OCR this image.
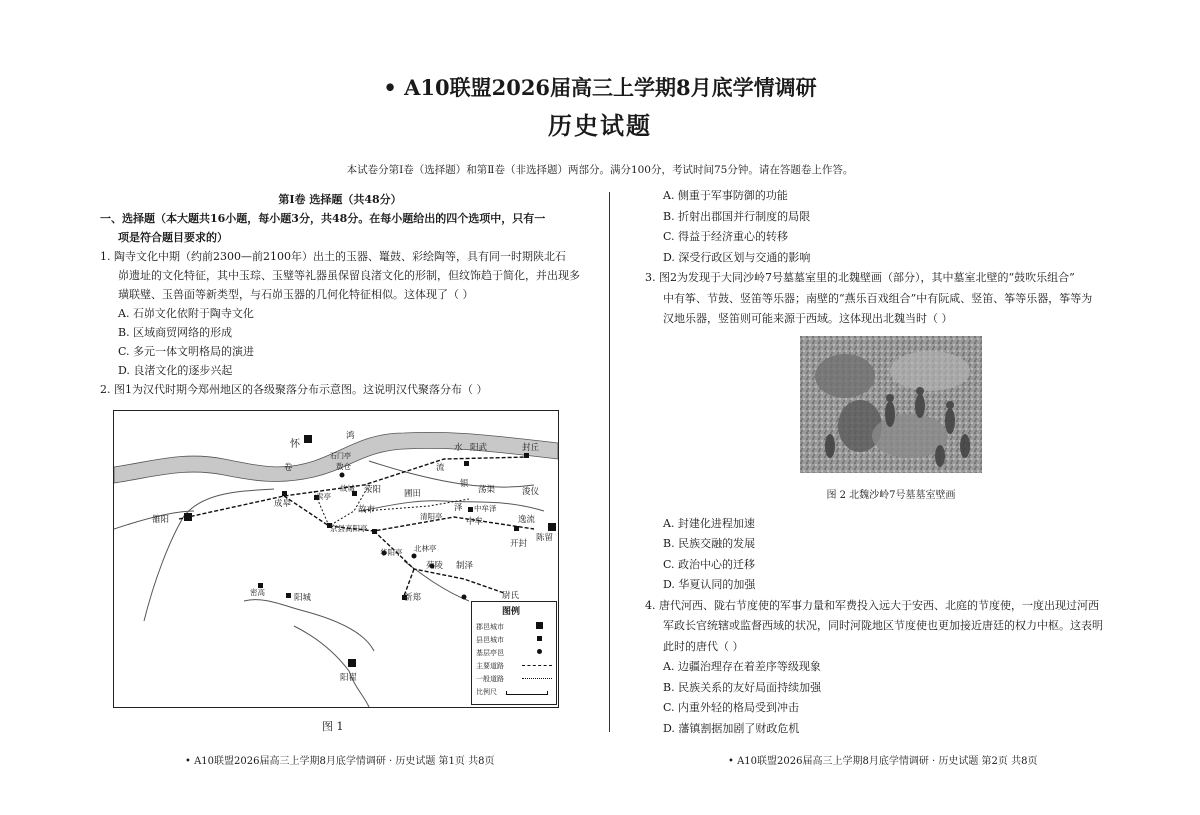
• A10联盟2026届高三上学期8月底学情调研
历史试题
本试卷分第Ⅰ卷（选择题）和第Ⅱ卷（非选择题）两部分。满分100分，考试时间75分钟。请在答题卷上作答。
第Ⅰ卷 选择题（共48分）
一、选择题（本大题共16小题，每小题3分，共48分。在每小题给出的四个选项中，只有一
项是符合题目要求的）
1. 陶寺文化中期（约前2300—前2100年）出土的玉器、鼍鼓、彩绘陶等，具有同一时期陕北石
峁遗址的文化特征，其中玉琮、玉璧等礼器虽保留良渚文化的形制，但纹饰趋于简化，并出现多
璜联璧、玉兽面等新类型，与石峁玉器的几何化特征相似。这体现了（ ）
A. 石峁文化依附于陶寺文化
B. 区域商贸网络的形成
C. 多元一体文明格局的演进
D. 良渚文化的逐步兴起
2. 图1为汉代时期今郑州地区的各级聚落分布示意图。这说明汉代聚落分布（ ）
怀
鸿
水 阳武	封丘
石门亭
卷	敖仓
故城 荥阳
成皋
索亭
京县高阳亭
故市
圃田
流
银
荡渠	浚仪
泽 中牟泽
中牟	逸流
开封
陈留
雒阳	清阳亭
华阳亭 北林亭
苑陵 制泽
尉氏
新郑
密高
阳城
阳翟
图例
郡邑城市
县邑城市
基层亭邑
主要道路
一般道路
比例尺
图 1
A. 侧重于军事防御的功能
B. 折射出郡国并行制度的局限
C. 得益于经济重心的转移
D. 深受行政区划与交通的影响
3. 图2为发现于大同沙岭7号墓墓室里的北魏壁画（部分），其中墓室北壁的“鼓吹乐组合”
中有筝、节鼓、竖笛等乐器；南壁的“燕乐百戏组合”中有阮咸、竖笛、筝等乐器，筝等为
汉地乐器，竖笛则可能来源于西域。这体现出北魏当时（ ）
A. 封建化进程加速
B. 民族交融的发展
C. 政治中心的迁移
D. 华夏认同的加强
4. 唐代河西、陇右节度使的军事力量和军费投入远大于安西、北庭的节度使，一度出现过河西
军政长官统辖或监督西域的状况，同时河陇地区节度使也更加接近唐廷的权力中枢。这表明
此时的唐代（ ）
A. 边疆治理存在着差序等级现象
B. 民族关系的友好局面持续加强
C. 内重外轻的格局受到冲击
D. 藩镇割据加剧了财政危机
图 2 北魏沙岭7号墓墓室壁画
• A10联盟2026届高三上学期8月底学情调研 · 历史试题 第1页 共8页	• A10联盟2026届高三上学期8月底学情调研 · 历史试题 第2页 共8页
